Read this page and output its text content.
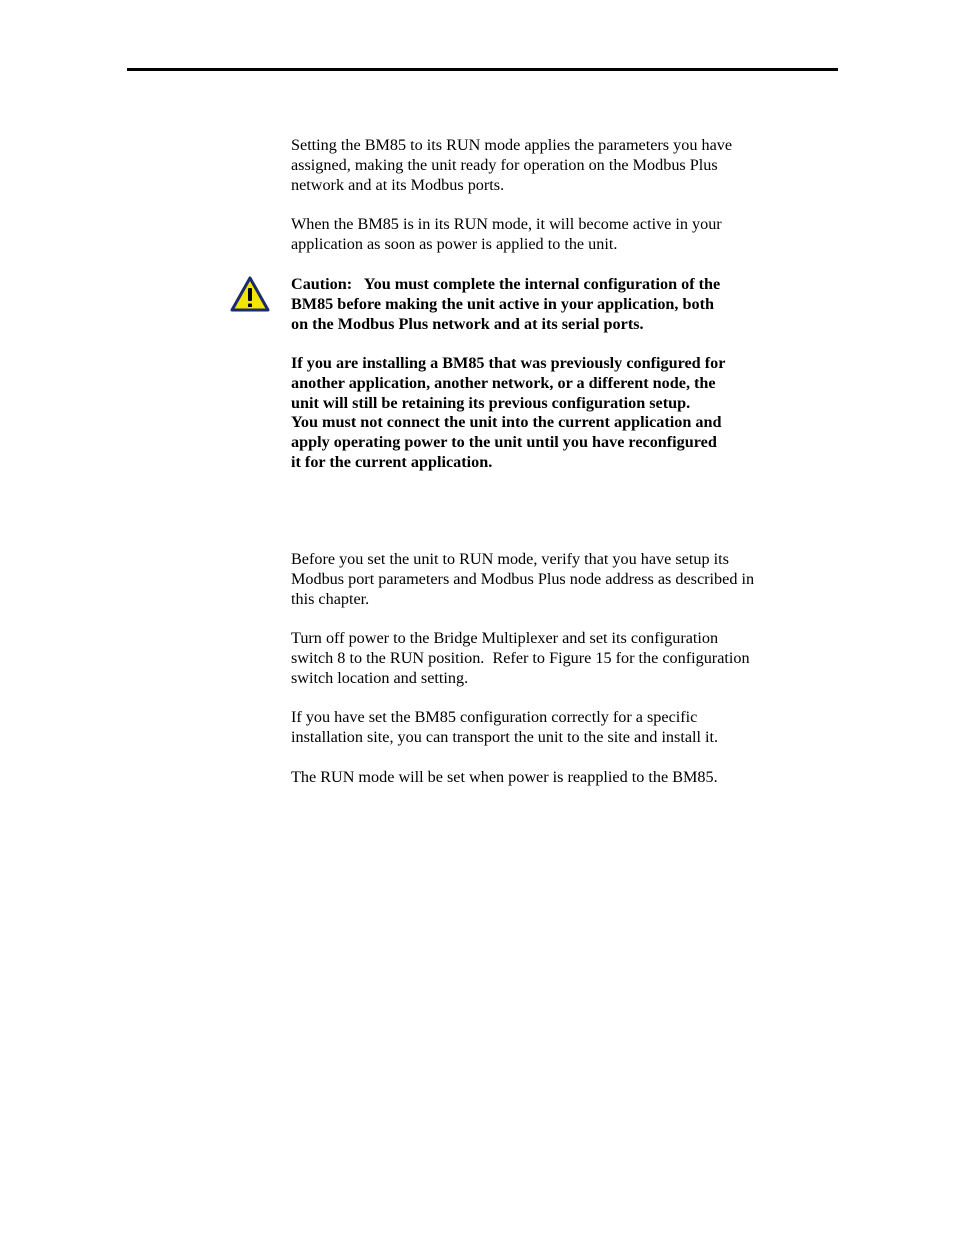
Setting the BM85 to its RUN mode applies the parameters you have
assigned, making the unit ready for operation on the Modbus Plus
network and at its Modbus ports.

When the BM85 is in its RUN mode, it will become active in your
application as soon as power is applied to the unit.

Caution:   You must complete the internal configuration of the
BM85 before making the unit active in your application, both
on the Modbus Plus network and at its serial ports.

If you are installing a BM85 that was previously configured for
another application, another network, or a different node, the
unit will still be retaining its previous configuration setup.
You must not connect the unit into the current application and
apply operating power to the unit until you have reconfigured
it for the current application.

Before you set the unit to RUN mode, verify that you have setup its
Modbus port parameters and Modbus Plus node address as described in
this chapter.

Turn off power to the Bridge Multiplexer and set its configuration
switch 8 to the RUN position.  Refer to Figure 15 for the configuration
switch location and setting.

If you have set the BM85 configuration correctly for a specific
installation site, you can transport the unit to the site and install it.

The RUN mode will be set when power is reapplied to the BM85.
